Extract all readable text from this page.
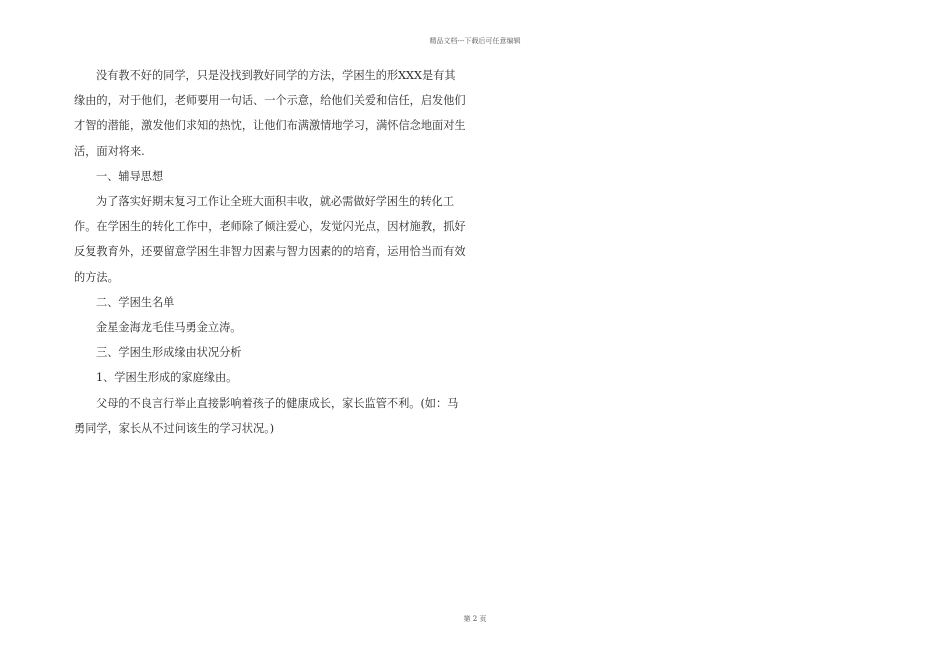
精品文档---下载后可任意编辑

没有教不好的同学，只是没找到教好同学的方法，学困生的形XXX是有其缘由的，对于他们，老师要用一句话、一个示意，给他们关爱和信任，启发他们才智的潜能，激发他们求知的热忱，让他们布满激情地学习，满怀信念地面对生活，面对将来.

一、辅导思想

为了落实好期末复习工作让全班大面积丰收，就必需做好学困生的转化工作。在学困生的转化工作中，老师除了倾注爱心，发觉闪光点，因材施教，抓好反复教育外，还要留意学困生非智力因素与智力因素的的培育，运用恰当而有效的方法。

二、学困生名单

金星金海龙毛佳马勇金立涛。

三、学困生形成缘由状况分析

1、学困生形成的家庭缘由。

父母的不良言行举止直接影响着孩子的健康成长，家长监管不利。(如：马勇同学，家长从不过问该生的学习状况。)

第 2 页
